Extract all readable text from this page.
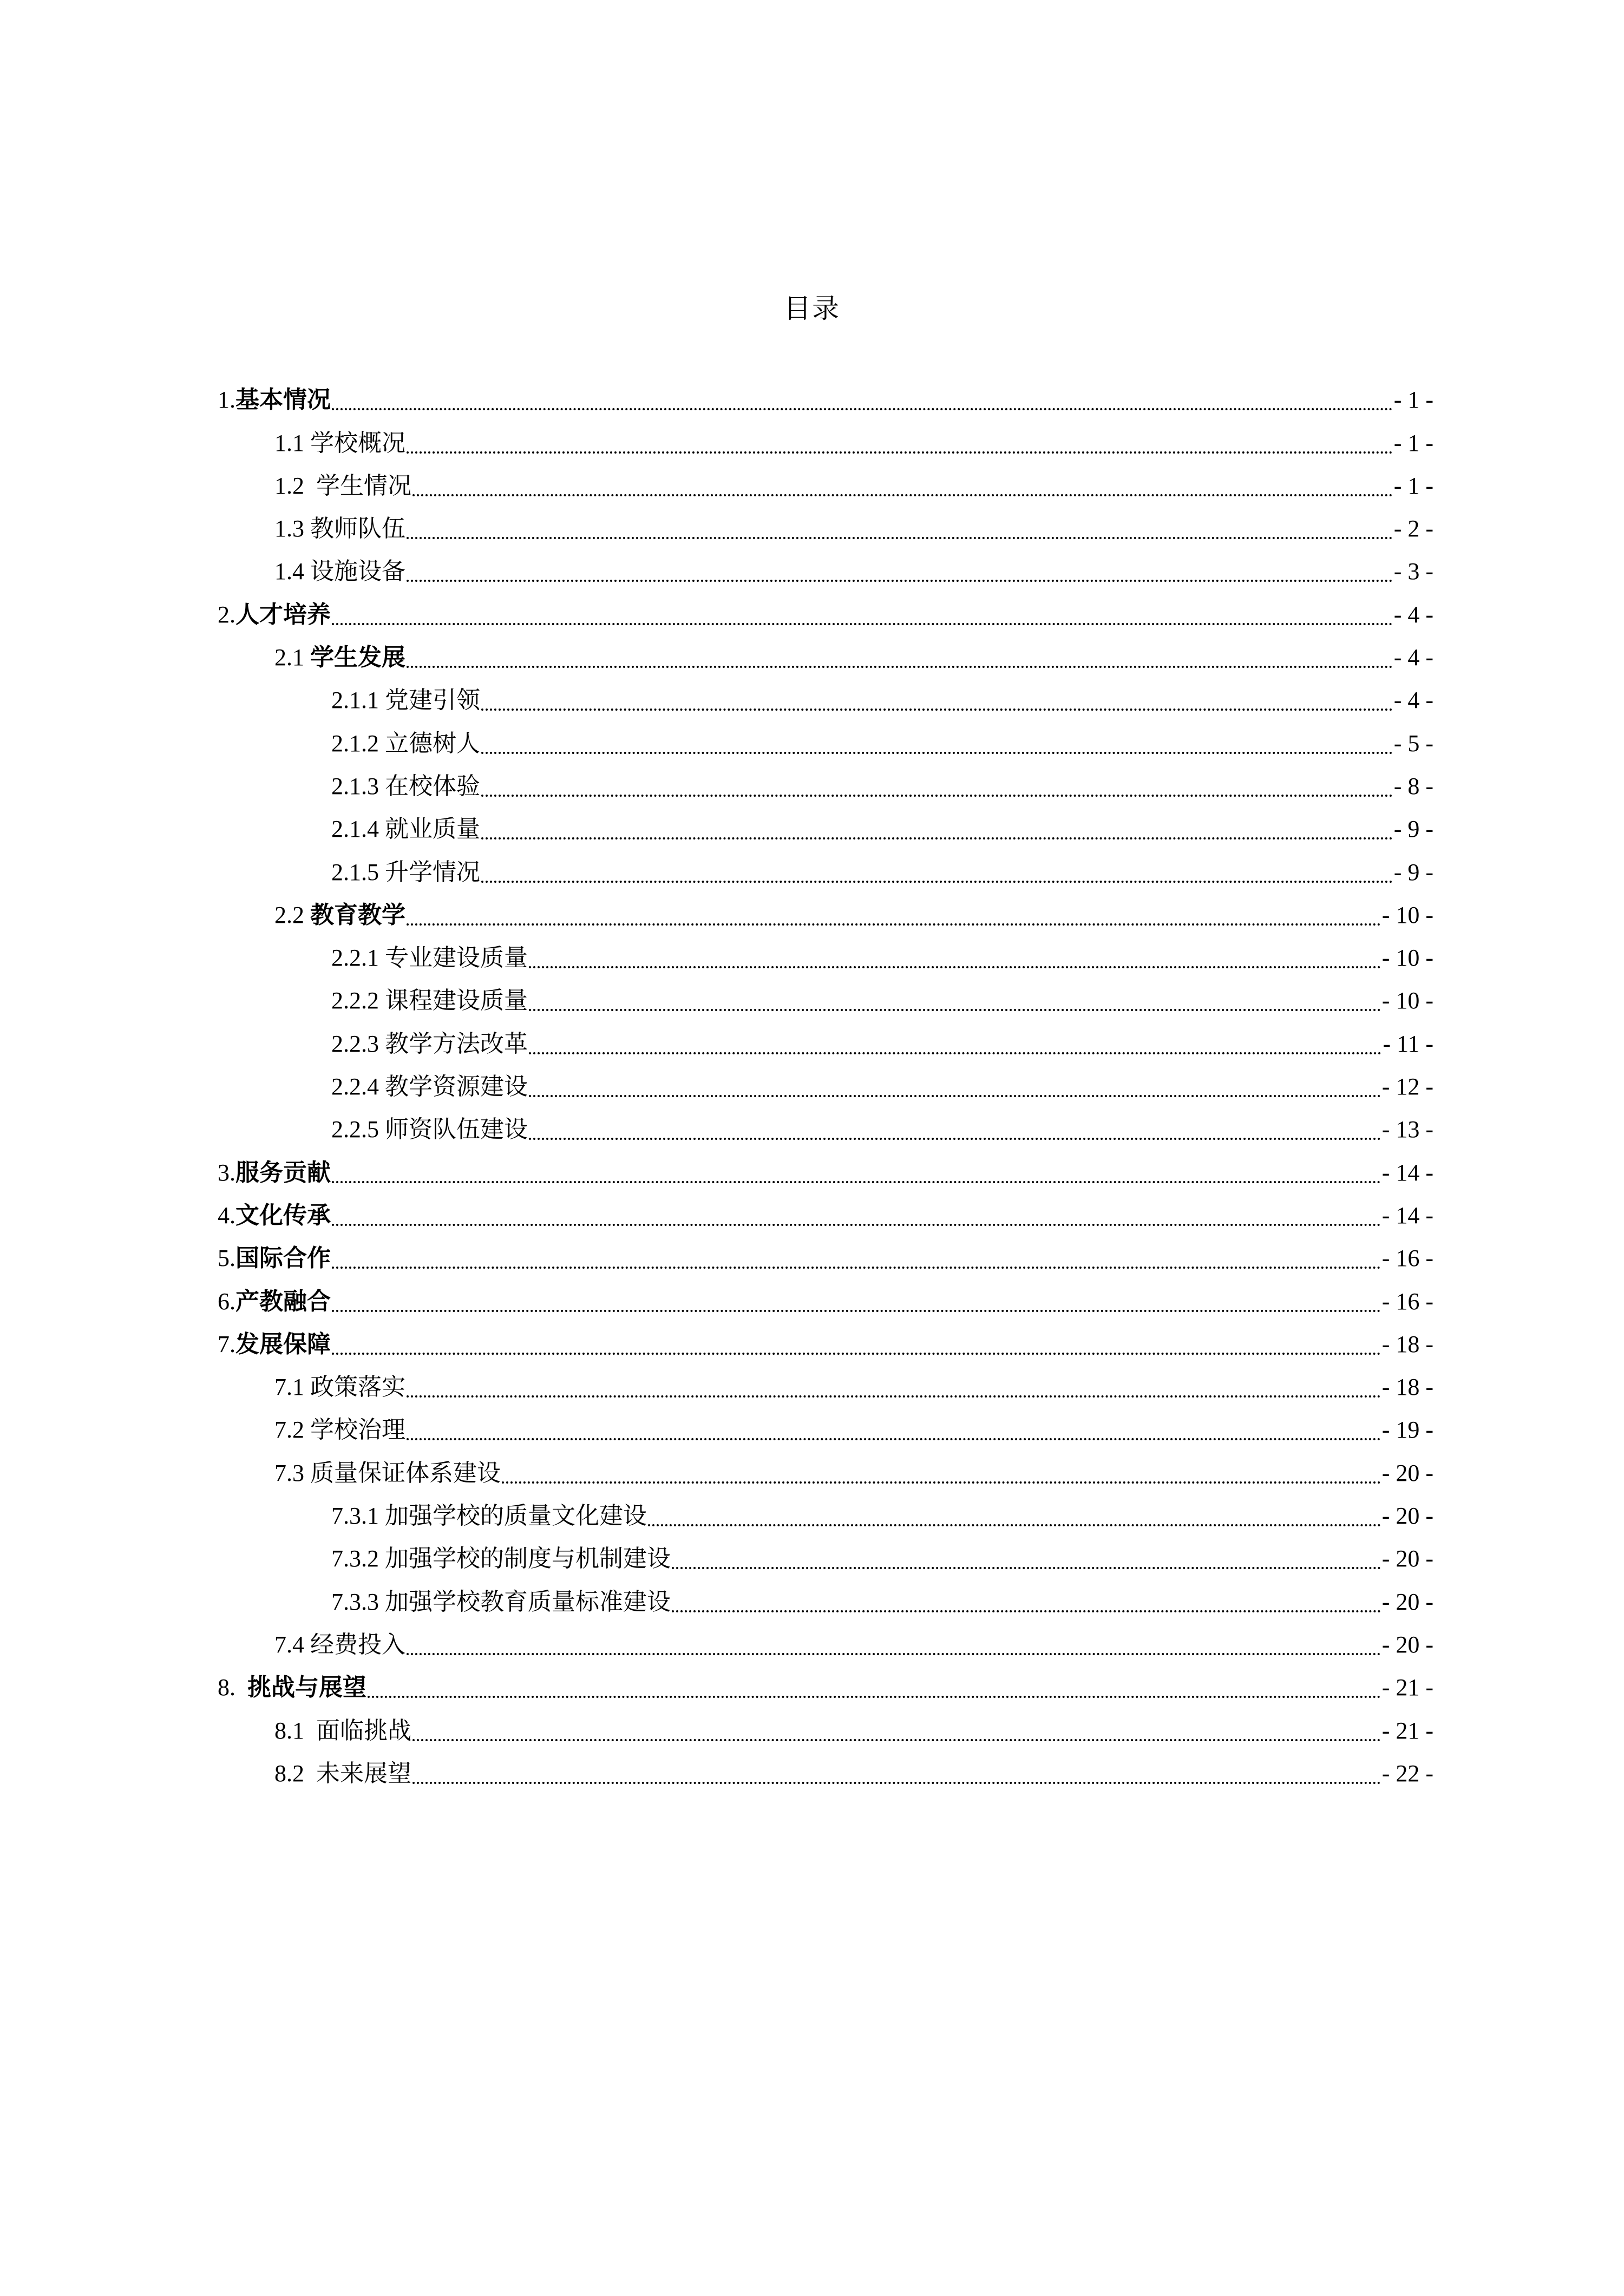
目录
1. 基本情况	- 1 -
1.1 学校概况	- 1 -
1.2 学生情况	- 1 -
1.3 教师队伍	- 2 -
1.4 设施设备	- 3 -
2. 人才培养	- 4 -
2.1 学生发展	- 4 -
2.1.1 党建引领	- 4 -
2.1.2 立德树人	- 5 -
2.1.3 在校体验	- 8 -
2.1.4 就业质量	- 9 -
2.1.5 升学情况	- 9 -
2.2 教育教学	- 10 -
2.2.1 专业建设质量	- 10 -
2.2.2 课程建设质量	- 10 -
2.2.3 教学方法改革	- 11 -
2.2.4 教学资源建设	- 12 -
2.2.5 师资队伍建设	- 13 -
3. 服务贡献	- 14 -
4. 文化传承	- 14 -
5. 国际合作	- 16 -
6. 产教融合	- 16 -
7. 发展保障	- 18 -
7.1 政策落实	- 18 -
7.2 学校治理	- 19 -
7.3 质量保证体系建设	- 20 -
7.3.1 加强学校的质量文化建设	- 20 -
7.3.2 加强学校的制度与机制建设	- 20 -
7.3.3 加强学校教育质量标准建设	- 20 -
7.4 经费投入	- 20 -
8. 挑战与展望	- 21 -
8.1 面临挑战	- 21 -
8.2 未来展望	- 22 -
